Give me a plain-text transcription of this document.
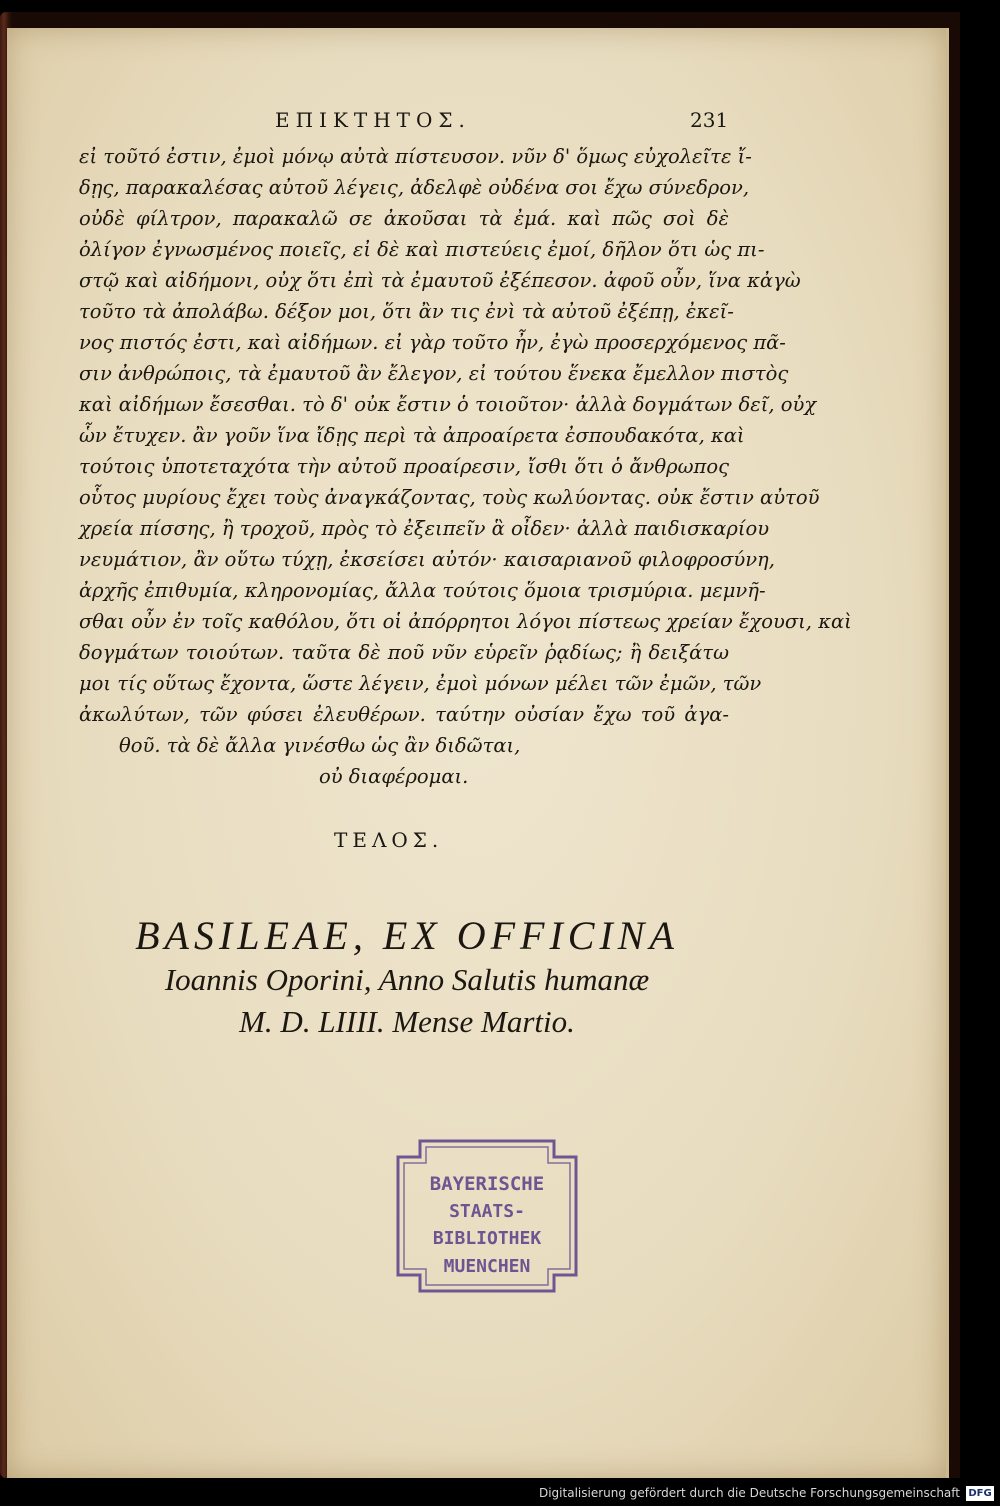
ΕΠΙΚΤΗΤΟΣ.	231
εἰ τοῦτό ἐστιν, ἐμοὶ μόνῳ αὐτὰ πίστευσον. νῦν δ' ὅμως εὐχολεῖτε ἴ-
δῃς, παρακαλέσας αὐτοῦ λέγεις, ἀδελφὲ οὐδένα σοι ἔχω σύνεδρον,
οὐδὲ φίλτρον, παρακαλῶ σε ἀκοῦσαι τὰ ἐμά. καὶ πῶς σοὶ δὲ
ὀλίγον ἐγνωσμένος ποιεῖς, εἰ δὲ καὶ πιστεύεις ἐμοί, δῆλον ὅτι ὡς πι-
στῷ καὶ αἰδήμονι, οὐχ ὅτι ἐπὶ τὰ ἐμαυτοῦ ἐξέπεσον. ἀφοῦ οὖν, ἵνα κἀγὼ
τοῦτο τὰ ἀπολάβω. δέξον μοι, ὅτι ἂν τις ἐνὶ τὰ αὐτοῦ ἐξέπῃ, ἐκεῖ-
νος πιστός ἐστι, καὶ αἰδήμων. εἰ γὰρ τοῦτο ἦν, ἐγὼ προσερχόμενος πᾶ-
σιν ἀνθρώποις, τὰ ἐμαυτοῦ ἂν ἔλεγον, εἰ τούτου ἕνεκα ἔμελλον πιστὸς
καὶ αἰδήμων ἔσεσθαι. τὸ δ' οὐκ ἔστιν ὁ τοιοῦτον· ἀλλὰ δογμάτων δεῖ, οὐχ
ὧν ἔτυχεν. ἂν γοῦν ἵνα ἴδῃς περὶ τὰ ἀπροαίρετα ἐσπουδακότα, καὶ
τούτοις ὑποτεταχότα τὴν αὐτοῦ προαίρεσιν, ἴσθι ὅτι ὁ ἄνθρωπος
οὗτος μυρίους ἔχει τοὺς ἀναγκάζοντας, τοὺς κωλύοντας. οὐκ ἔστιν αὐτοῦ
χρεία πίσσης, ἢ τροχοῦ, πρὸς τὸ ἐξειπεῖν ἃ οἶδεν· ἀλλὰ παιδισκαρίου
νευμάτιον, ἂν οὕτω τύχῃ, ἐκσείσει αὐτόν· καισαριανοῦ φιλοφροσύνη,
ἀρχῆς ἐπιθυμία, κληρονομίας, ἄλλα τούτοις ὅμοια τρισμύρια. μεμνῆ-
σθαι οὖν ἐν τοῖς καθόλου, ὅτι οἱ ἀπόρρητοι λόγοι πίστεως χρείαν ἔχουσι, καὶ
δογμάτων τοιούτων. ταῦτα δὲ ποῦ νῦν εὑρεῖν ῥᾳδίως; ἢ δειξάτω
μοι τίς οὕτως ἔχοντα, ὥστε λέγειν, ἐμοὶ μόνων μέλει τῶν ἐμῶν, τῶν
ἀκωλύτων, τῶν φύσει ἐλευθέρων. ταύτην οὐσίαν ἔχω τοῦ ἀγα-
θοῦ. τὰ δὲ ἄλλα γινέσθω ὡς ἂν διδῶται,
οὐ διαφέρομαι.
ΤΕΛΟΣ.
BASILEAE, EX OFFICINA
Ioannis Oporini, Anno Salutis humanæ
M. D. LIIII. Mense Martio.
BAYERISCHE
STAATS-
BIBLIOTHEK
MUENCHEN
Digitalisierung gefördert durch die Deutsche Forschungsgemeinschaft DFG
